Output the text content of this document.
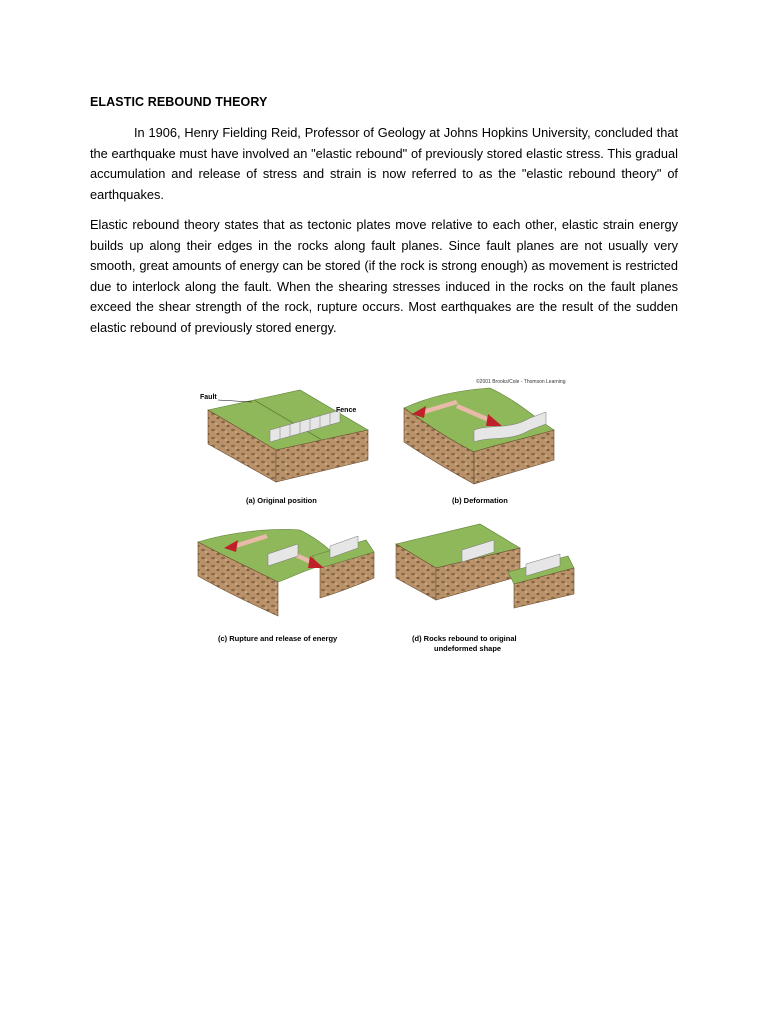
ELASTIC REBOUND THEORY

In 1906, Henry Fielding Reid, Professor of Geology at Johns Hopkins University, concluded that the earthquake must have involved an "elastic rebound" of previously stored elastic stress. This gradual accumulation and release of stress and strain is now referred to as the "elastic rebound theory" of earthquakes.

Elastic rebound theory states that as tectonic plates move relative to each other, elastic strain energy builds up along their edges in the rocks along fault planes. Since fault planes are not usually very smooth, great amounts of energy can be stored (if the rock is strong enough) as movement is restricted due to interlock along the fault. When the shearing stresses induced in the rocks on the fault planes exceed the shear strength of the rock, rupture occurs. Most earthquakes are the result of the sudden elastic rebound of previously stored energy.

©2001 Brooks/Cole - Thomson Learning
Fault
Fence
(a) Original position	(b) Deformation
(c) Rupture and release of energy	(d) Rocks rebound to original
undeformed shape
